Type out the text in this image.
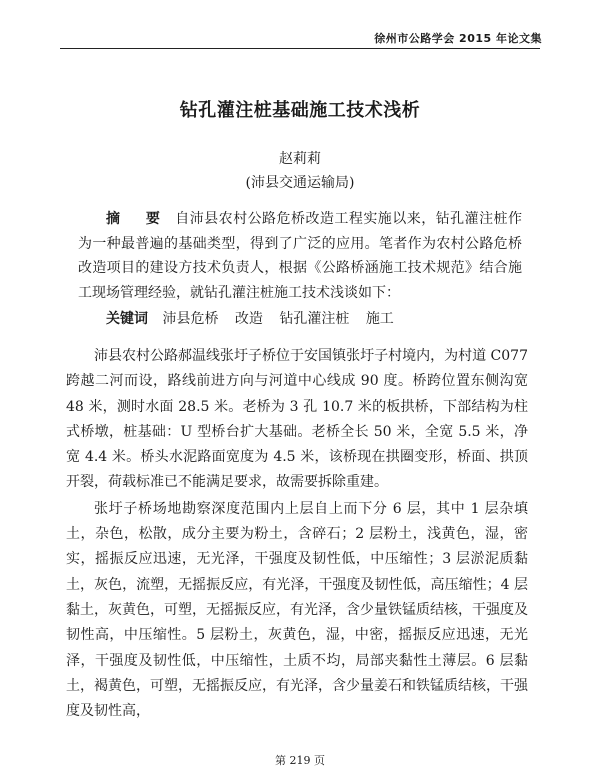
徐州市公路学会 2015 年论文集
钻孔灌注桩基础施工技术浅析
赵莉莉
(沛县交通运输局)
摘 要 自沛县农村公路危桥改造工程实施以来，钻孔灌注桩作为一种最普遍的基础类型，得到了广泛的应用。笔者作为农村公路危桥改造项目的建设方技术负责人，根据《公路桥涵施工技术规范》结合施工现场管理经验，就钻孔灌注桩施工技术浅谈如下：
关键词 沛县危桥 改造 钻孔灌注桩 施工

沛县农村公路郝温线张圩子桥位于安国镇张圩子村境内，为村道 C077 跨越二河而设，路线前进方向与河道中心线成 90 度。桥跨位置东侧沟宽 48 米，测时水面 28.5 米。老桥为 3 孔 10.7 米的板拱桥，下部结构为柱式桥墩，桩基础：U 型桥台扩大基础。老桥全长 50 米，全宽 5.5 米，净宽 4.4 米。桥头水泥路面宽度为 4.5 米，该桥现在拱圈变形，桥面、拱顶开裂，荷载标准已不能满足要求，故需要拆除重建。

张圩子桥场地勘察深度范围内上层自上而下分 6 层，其中 1 层杂填土，杂色，松散，成分主要为粉土，含碎石；2 层粉土，浅黄色，湿，密实，摇振反应迅速，无光泽，干强度及韧性低，中压缩性；3 层淤泥质黏土，灰色，流塑，无摇振反应，有光泽，干强度及韧性低，高压缩性；4 层黏土，灰黄色，可塑，无摇振反应，有光泽，含少量铁锰质结核，干强度及韧性高，中压缩性。5 层粉土，灰黄色，湿，中密，摇振反应迅速，无光泽，干强度及韧性低，中压缩性，土质不均，局部夹黏性土薄层。6 层黏土，褐黄色，可塑，无摇振反应，有光泽，含少量姜石和铁锰质结核，干强度及韧性高，

第 219 页
